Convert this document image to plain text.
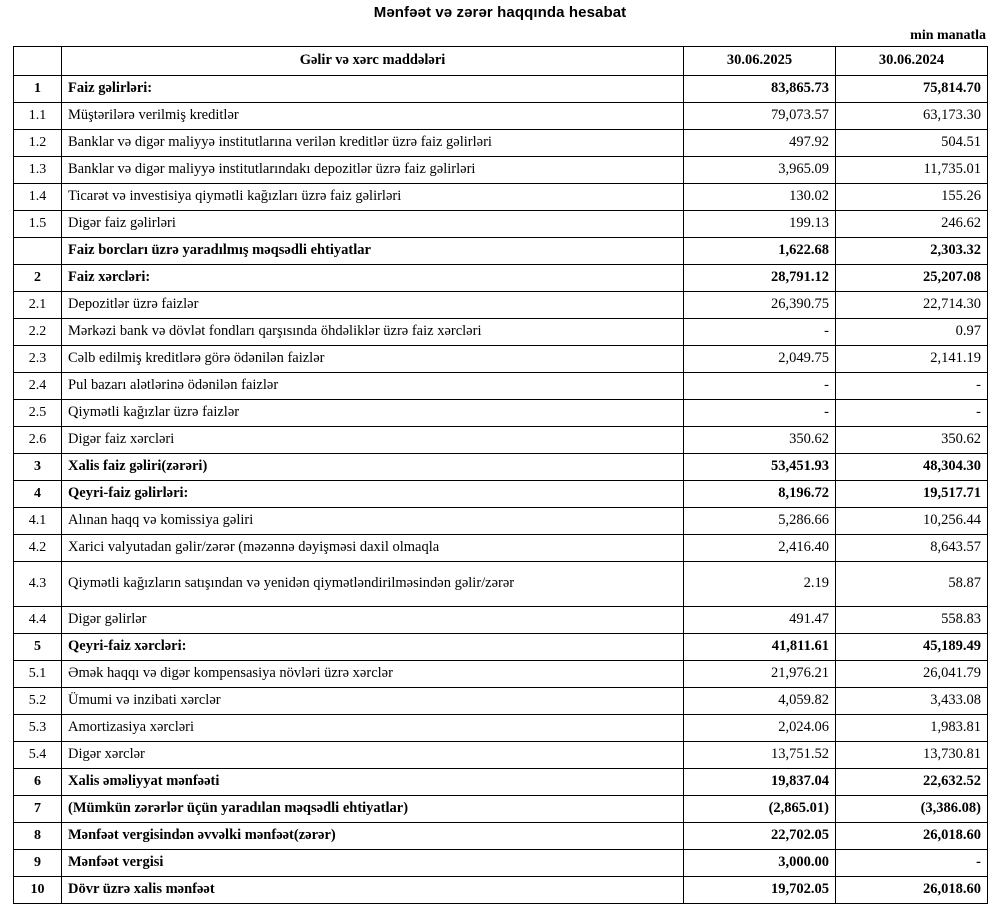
Mənfəət və zərər haqqında hesabat
min manatla
	Gəlir və xərc maddələri	30.06.2025	30.06.2024
1	Faiz gəlirləri:	83,865.73	75,814.70
1.1	Müştərilərə verilmiş kreditlər	79,073.57	63,173.30
1.2	Banklar və digər maliyyə institutlarına verilən kreditlər üzrə faiz gəlirləri	497.92	504.51
1.3	Banklar və digər maliyyə institutlarındakı depozitlər üzrə faiz gəlirləri	3,965.09	11,735.01
1.4	Ticarət və investisiya qiymətli kağızları üzrə faiz gəlirləri	130.02	155.26
1.5	Digər faiz gəlirləri	199.13	246.62
	Faiz borcları üzrə yaradılmış məqsədli ehtiyatlar	1,622.68	2,303.32
2	Faiz xərcləri:	28,791.12	25,207.08
2.1	Depozitlər üzrə faizlər	26,390.75	22,714.30
2.2	Mərkəzi bank və dövlət fondları qarşısında öhdəliklər üzrə faiz xərcləri	-	0.97
2.3	Cəlb edilmiş kreditlərə görə ödənilən faizlər	2,049.75	2,141.19
2.4	Pul bazarı alətlərinə ödənilən faizlər	-	-
2.5	Qiymətli kağızlar üzrə faizlər	-	-
2.6	Digər faiz xərcləri	350.62	350.62
3	Xalis faiz gəliri(zərəri)	53,451.93	48,304.30
4	Qeyri-faiz gəlirləri:	8,196.72	19,517.71
4.1	Alınan haqq və komissiya gəliri	5,286.66	10,256.44
4.2	Xarici valyutadan gəlir/zərər (məzənnə dəyişməsi daxil olmaqla	2,416.40	8,643.57
4.3	Qiymətli kağızların satışından və yenidən qiymətləndirilməsindən gəlir/zərər	2.19	58.87
4.4	Digər gəlirlər	491.47	558.83
5	Qeyri-faiz xərcləri:	41,811.61	45,189.49
5.1	Əmək haqqı və digər kompensasiya növləri üzrə xərclər	21,976.21	26,041.79
5.2	Ümumi və inzibati xərclər	4,059.82	3,433.08
5.3	Amortizasiya xərcləri	2,024.06	1,983.81
5.4	Digər xərclər	13,751.52	13,730.81
6	Xalis əməliyyat mənfəəti	19,837.04	22,632.52
7	(Mümkün zərərlər üçün yaradılan məqsədli ehtiyatlar)	(2,865.01)	(3,386.08)
8	Mənfəət vergisindən əvvəlki mənfəət(zərər)	22,702.05	26,018.60
9	Mənfəət vergisi	3,000.00	-
10	Dövr üzrə xalis mənfəət	19,702.05	26,018.60
